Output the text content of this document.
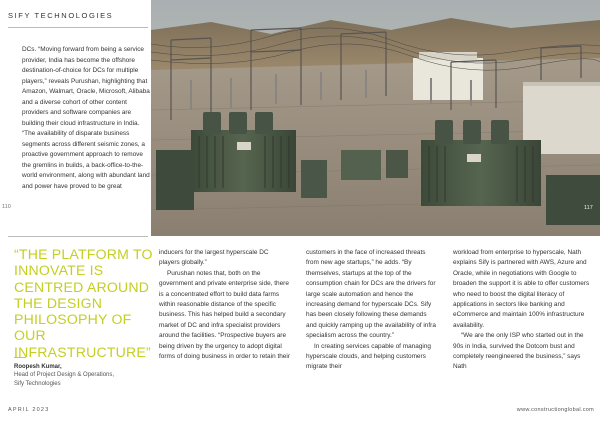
SIFY TECHNOLOGIES

DCs. “Moving forward from being a service provider, India has become the offshore destination-of-choice for DCs for multiple players,” reveals Purushan, highlighting that Amazon, Walmart, Oracle, Microsoft, Alibaba and a diverse cohort of other content providers and software companies are building their cloud infrastructure in India. “The availability of disparate business segments across different seismic zones, a proactive government approach to remove the gremlins in builds, a back-office-to-the-world environment, along with abundant land and power have proved to be great

110	117

“THE PLATFORM TO INNOVATE IS CENTRED AROUND THE DESIGN PHILOSOPHY OF OUR INFRASTRUCTURE”

Roopesh Kumar,
Head of Project Design & Operations,
Sify Technologies

inducers for the largest hyperscale DC players globally.”

Purushan notes that, both on the government and private enterprise side, there is a concentrated effort to build data farms within reasonable distance of the specific business. This has helped build a secondary market of DC and infra specialist providers around the facilities. “Prospective buyers are being driven by the urgency to adopt digital forms of doing business in order to retain their

customers in the face of increased threats from new age startups,” he adds. “By themselves, startups at the top of the consumption chain for DCs are the drivers for large scale automation and hence the increasing demand for hyperscale DCs. Sify has been closely following these demands and quickly ramping up the availability of infra specialism across the country.”

In creating services capable of managing hyperscale clouds, and helping customers migrate their

workload from enterprise to hyperscale, Nath explains Sify is partnered with AWS, Azure and Oracle, while in negotiations with Google to broaden the support it is able to offer customers who need to boost the digital literacy of applications in sectors like banking and eCommerce and maintain 100% infrastructure availability.

“We are the only ISP who started out in the 90s in India, survived the Dotcom bust and completely reengineered the business,” says Nath

APRIL 2023	www.constructionglobal.com
